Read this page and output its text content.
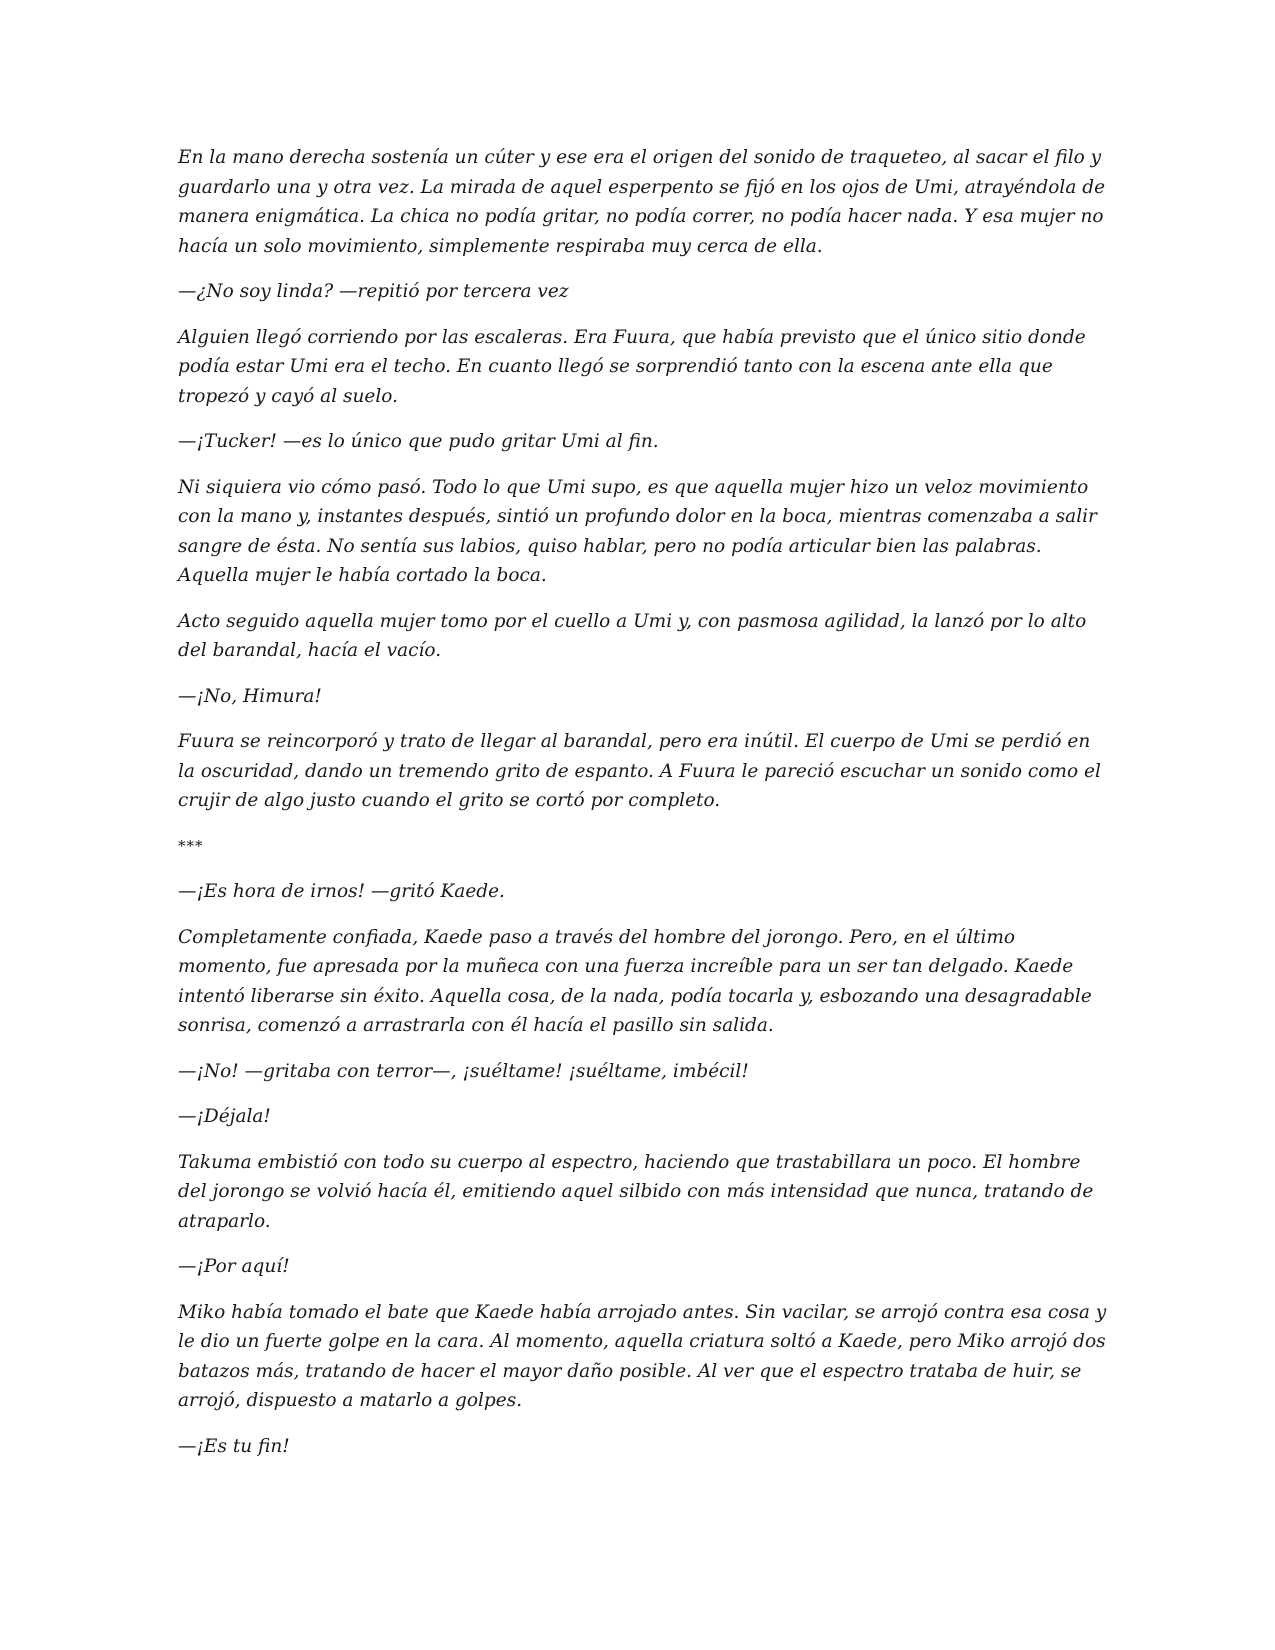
En la mano derecha sostenía un cúter y ese era el origen del sonido de traqueteo, al sacar el filo y guardarlo una y otra vez. La mirada de aquel esperpento se fijó en los ojos de Umi, atrayéndola de manera enigmática. La chica no podía gritar, no podía correr, no podía hacer nada. Y esa mujer no hacía un solo movimiento, simplemente respiraba muy cerca de ella.

—¿No soy linda? —repitió por tercera vez

Alguien llegó corriendo por las escaleras. Era Fuura, que había previsto que el único sitio donde podía estar Umi era el techo. En cuanto llegó se sorprendió tanto con la escena ante ella que tropezó y cayó al suelo.

—¡Tucker! —es lo único que pudo gritar Umi al fin.

Ni siquiera vio cómo pasó. Todo lo que Umi supo, es que aquella mujer hizo un veloz movimiento con la mano y, instantes después, sintió un profundo dolor en la boca, mientras comenzaba a salir sangre de ésta. No sentía sus labios, quiso hablar, pero no podía articular bien las palabras. Aquella mujer le había cortado la boca.

Acto seguido aquella mujer tomo por el cuello a Umi y, con pasmosa agilidad, la lanzó por lo alto del barandal, hacía el vacío.

—¡No, Himura!

Fuura se reincorporó y trato de llegar al barandal, pero era inútil. El cuerpo de Umi se perdió en la oscuridad, dando un tremendo grito de espanto. A Fuura le pareció escuchar un sonido como el crujir de algo justo cuando el grito se cortó por completo.

***

—¡Es hora de irnos! —gritó Kaede.

Completamente confiada, Kaede paso a través del hombre del jorongo. Pero, en el último momento, fue apresada por la muñeca con una fuerza increíble para un ser tan delgado. Kaede intentó liberarse sin éxito. Aquella cosa, de la nada, podía tocarla y, esbozando una desagradable sonrisa, comenzó a arrastrarla con él hacía el pasillo sin salida.

—¡No! —gritaba con terror—, ¡suéltame! ¡suéltame, imbécil!

—¡Déjala!

Takuma embistió con todo su cuerpo al espectro, haciendo que trastabillara un poco. El hombre del jorongo se volvió hacía él, emitiendo aquel silbido con más intensidad que nunca, tratando de atraparlo.

—¡Por aquí!

Miko había tomado el bate que Kaede había arrojado antes. Sin vacilar, se arrojó contra esa cosa y le dio un fuerte golpe en la cara. Al momento, aquella criatura soltó a Kaede, pero Miko arrojó dos batazos más, tratando de hacer el mayor daño posible. Al ver que el espectro trataba de huir, se arrojó, dispuesto a matarlo a golpes.

—¡Es tu fin!
